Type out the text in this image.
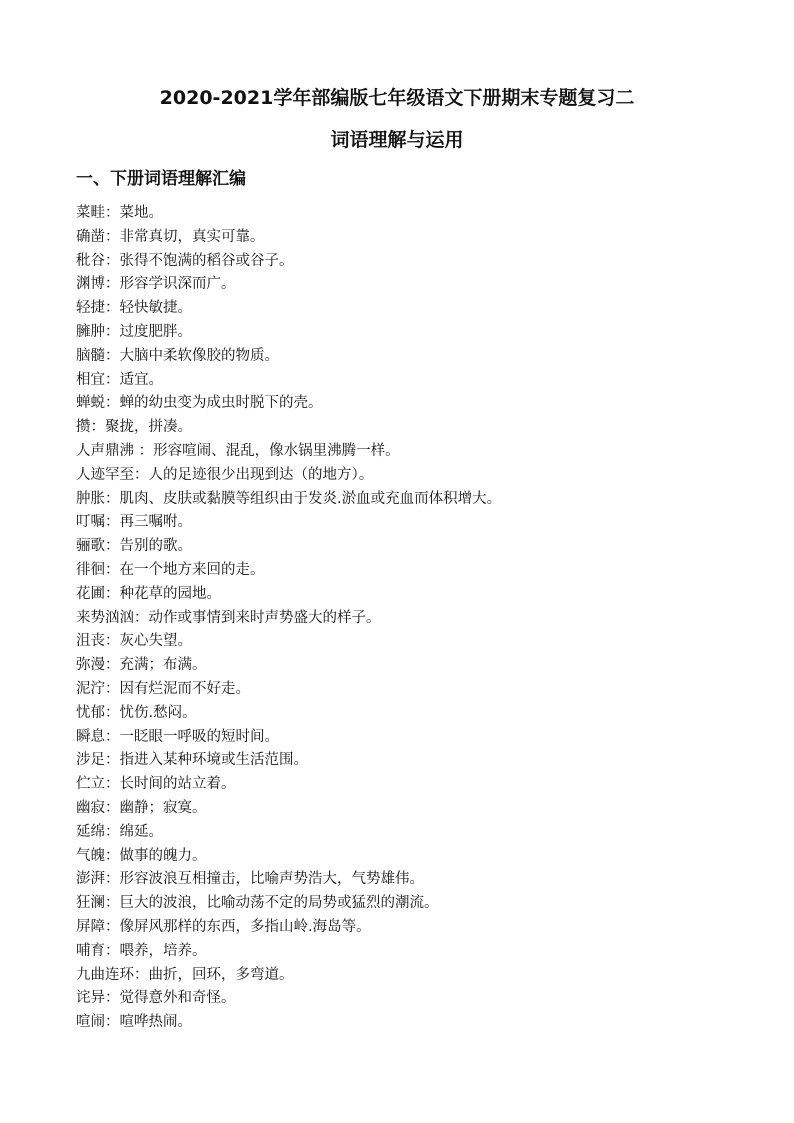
2020-2021学年部编版七年级语文下册期末专题复习二
词语理解与运用
一、下册词语理解汇编
菜畦：菜地。
确凿：非常真切，真实可靠。
秕谷：张得不饱满的稻谷或谷子。
渊博：形容学识深而广。
轻捷：轻快敏捷。
臃肿：过度肥胖。
脑髓：大脑中柔软像胶的物质。
相宜：适宜。
蝉蜕：蝉的幼虫变为成虫时脱下的壳。
攒：聚拢，拼凑。
人声鼎沸 ：形容喧闹、混乱，像水锅里沸腾一样。
人迹罕至：人的足迹很少出现到达（的地方）。
肿胀：肌肉、皮肤或黏膜等组织由于发炎.淤血或充血而体积增大。
叮嘱：再三嘱咐。
骊歌：告别的歌。
徘徊：在一个地方来回的走。
花圃：种花草的园地。
来势汹汹：动作或事情到来时声势盛大的样子。
沮丧：灰心失望。
弥漫：充满；布满。
泥泞：因有烂泥而不好走。
忧郁：忧伤.愁闷。
瞬息：一眨眼一呼吸的短时间。
涉足：指进入某种环境或生活范围。
伫立：长时间的站立着。
幽寂：幽静；寂寞。
延绵：绵延。
气魄：做事的魄力。
澎湃：形容波浪互相撞击，比喻声势浩大，气势雄伟。
狂澜：巨大的波浪，比喻动荡不定的局势或猛烈的潮流。
屏障：像屏风那样的东西，多指山岭.海岛等。
哺育：喂养，培养。
九曲连环：曲折，回环，多弯道。
诧异：觉得意外和奇怪。
喧闹：喧哗热闹。
